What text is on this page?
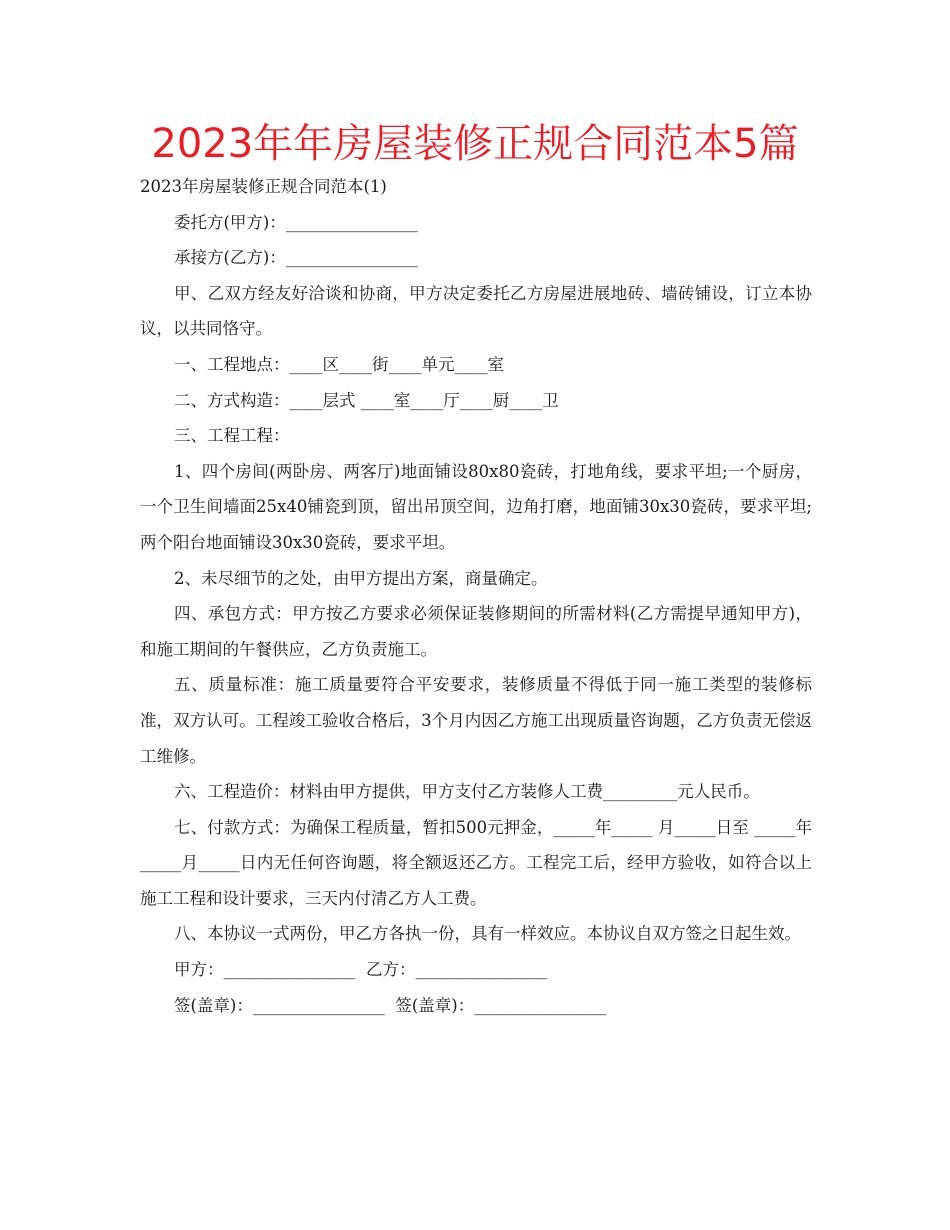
2023年年房屋装修正规合同范本5篇

2023年房屋装修正规合同范本(1)

委托方(甲方)：________________

承接方(乙方)：________________

甲、乙双方经友好洽谈和协商，甲方决定委托乙方房屋进展地砖、墙砖铺设，订立本协议，以共同恪守。

一、工程地点：____区____街____单元____室

二、方式构造：____层式 ____室____厅____厨____卫

三、工程工程：

1、四个房间(两卧房、两客厅)地面铺设80x80瓷砖，打地角线，要求平坦;一个厨房，一个卫生间墙面25x40铺瓷到顶，留出吊顶空间，边角打磨，地面铺30x30瓷砖，要求平坦;两个阳台地面铺设30x30瓷砖，要求平坦。

2、未尽细节的之处，由甲方提出方案，商量确定。

四、承包方式：甲方按乙方要求必须保证装修期间的所需材料(乙方需提早通知甲方)，和施工期间的午餐供应，乙方负责施工。

五、质量标准：施工质量要符合平安要求，装修质量不得低于同一施工类型的装修标准，双方认可。工程竣工验收合格后，3个月内因乙方施工出现质量咨询题，乙方负责无偿返工维修。

六、工程造价：材料由甲方提供，甲方支付乙方装修人工费_________元人民币。

七、付款方式：为确保工程质量，暂扣500元押金，_____年_____ 月_____日至 _____年 _____月_____日内无任何咨询题，将全额返还乙方。工程完工后，经甲方验收，如符合以上施工工程和设计要求，三天内付清乙方人工费。

八、本协议一式两份，甲乙方各执一份，具有一样效应。本协议自双方签之日起生效。

甲方：________________  乙方：________________

签(盖章)：________________  签(盖章)：________________
